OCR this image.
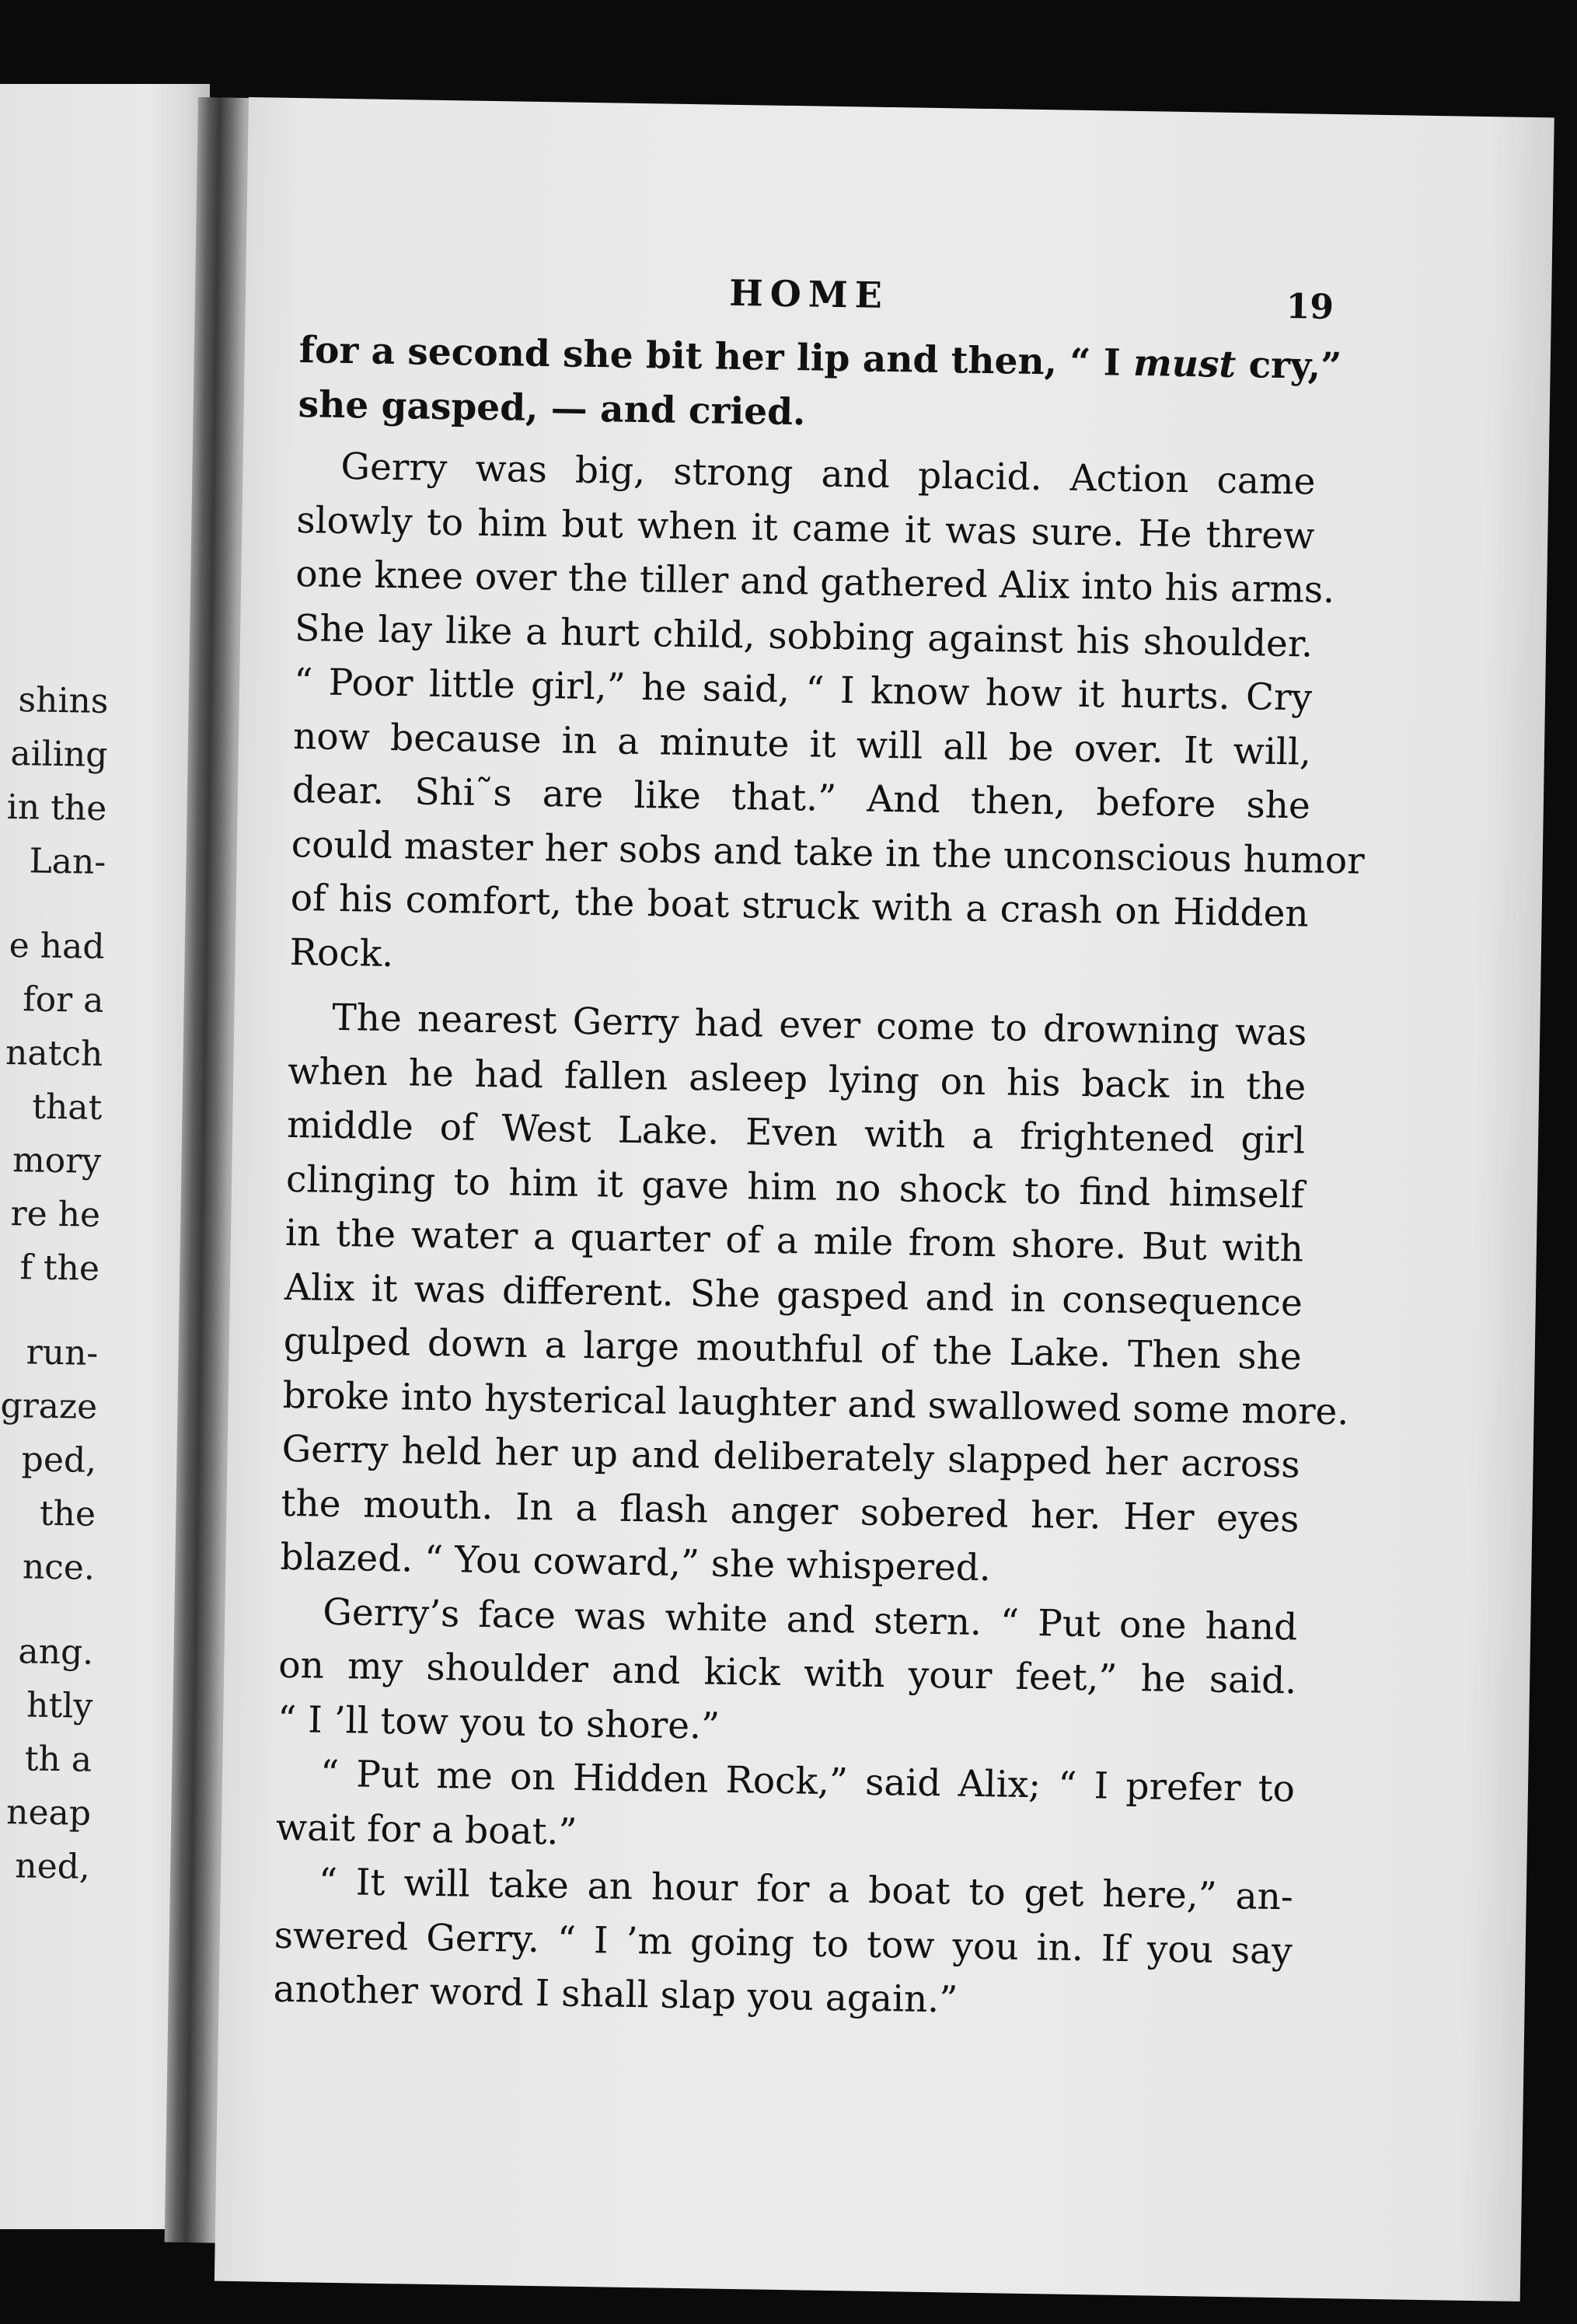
shins
ailing
in the
Lan-
e had
for a
natch
that
mory
re he
f the
run-
graze
ped,
the
nce.
ang.
htly
th a
neap
ned,
HOME	19
for a second she bit her lip and then, “ I must cry,”
she gasped, — and cried.
Gerry was big, strong and placid. Action came
slowly to him but when it came it was sure. He threw
one knee over the tiller and gathered Alix into his arms.
She lay like a hurt child, sobbing against his shoulder.
“ Poor little girl,” he said, “ I know how it hurts. Cry
now because in a minute it will all be over. It will,
dear. Shi⁠˜s are like that.” And then, before she
could master her sobs and take in the unconscious humor
of his comfort, the boat struck with a crash on Hidden
Rock.
The nearest Gerry had ever come to drowning was
when he had fallen asleep lying on his back in the
middle of West Lake. Even with a frightened girl
clinging to him it gave him no shock to find himself
in the water a quarter of a mile from shore. But with
Alix it was different. She gasped and in consequence
gulped down a large mouthful of the Lake. Then she
broke into hysterical laughter and swallowed some more.
Gerry held her up and deliberately slapped her across
the mouth. In a flash anger sobered her. Her eyes
blazed. “ You coward,” she whispered.
Gerry’s face was white and stern. “ Put one hand
on my shoulder and kick with your feet,” he said.
“ I ’ll tow you to shore.”
“ Put me on Hidden Rock,” said Alix; “ I prefer to
wait for a boat.”
“ It will take an hour for a boat to get here,” an-
swered Gerry. “ I ’m going to tow you in. If you say
another word I shall slap you again.”
